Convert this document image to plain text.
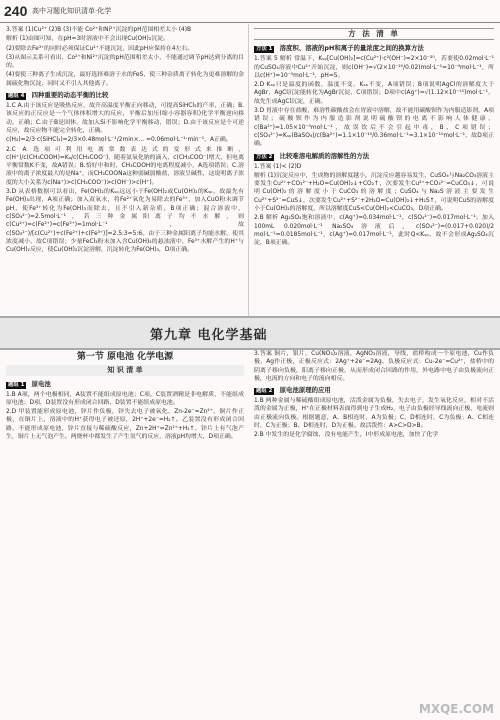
240 高中习题化知识清单·化学

3.答案 (1)Cu²⁺ (2)B (3)不能 Co²⁺和Ni²⁺沉淀的pH范围相差太小 (4)B

解析 (1)由图可知，在pH=3时溶液中不会出现Cu(OH)₂沉淀。

(2)要除去Fe³⁺的同时必须保证Cu²⁺不能沉淀，因此pH应保持在4左右。

(3)从图示关系可看出，Co²⁺和Ni²⁺沉淀的pH范围相差太小，不能通过调节pH达到分离的目的。

(4)要使三种离子生成沉淀，最好选择难溶于水的FeS，使三种杂质离子转化为更难溶解的金属硫化物沉淀，同时又不引入其他离子。

题组 4 四种重要的动态平衡的比较

1.C A.由于该反应是吸热反应，故升高温度平衡正向移动，可提高SiHCl₃的产率，正确；B.该反应的正反应是一个气体体积增大的反应，平衡后加压(缩小容器容积)化学平衡逆向移动，正确；C.由于B是固体，故加入Si不影响化学平衡移动，错误；D.由于该反应是个可逆反应，故反应物不能完全转化，正确。

c(H₂)=2/3·c(SiHCl₃)=2/3×0.48mol·L⁻¹/2min×... =0.06mol·L⁻¹·min⁻¹，A正确。

2.C A 选项可利用电离常数表达式的变形式来推断，c(H⁺)/c(CH₃COOH)=Kₐ/c(CH₃COO⁻)，随着氨氧化钠的滴入，c(CH₃COO⁻)增大，但电离平衡常数K不变，故A错误；B.恰好中和时，CH₃COOH的电离程度减小，A选项错误；C.溶液中的离子浓度最大的是Na⁺，而CH₃COONa这种弱碱弱酸盐，溶液呈碱性，这说明离子浓度的大小关系为c(Na⁺)>c(CH₃COO⁻)>c(OH⁻)>c(H⁺)。

3.D 从表格数据可以看出，Fe(OH)₂的Kₛₚ远远小于Fe(OH)₂或Cu(OH)₂的Kₛₚ，故最先有Fe(OH)₃出现，A项正确；加入双氧水，将Fe²⁺氧化为易除去的Fe³⁺，加入CuO粉末调节pH，使Fe³⁺转化为Fe(OH)₃而除去，且不引入新杂质，B项正确；混合溶液中，c(SO₄²⁻)=2.5mol·L⁻¹，若三种金属阳离子均不水解，则c(Cu²⁺)=c(Fe²⁺)=c(Fe³⁺)=1mol·L⁻¹，故c(SO₄²⁻)/[c(Cu²⁺)+c(Fe²⁺)+c(Fe³⁺)]=2.5:3=5:6。由于三种金属阳离子均能水解，使其浓度减小，故C项错误；少量FeCl₃粉末加入含Cu(OH)₂的悬浊液中，Fe³⁺水解产生的H⁺与Cu(OH)₂反应，使Cu(OH)₂沉淀溶解，沉淀转化为Fe(OH)₃，D项正确。

方 法 清 单
方法 1 溶度积、溶液的pH和离子的量浓度之间的换算方法

1.答案 5 解析 常温下，Kₛₚ[Cu(OH)₂]=c(Cu²⁺)·c²(OH⁻)=2×10⁻²⁰，若要使0.02mol·L⁻¹的CuSO₄溶液中Cu²⁺开始沉淀，则c(OH⁻)=√(2×10⁻²⁰/0.02)mol·L⁻¹=10⁻⁹mol·L⁻¹，所以c(H⁺)=10⁻⁵mol·L⁻¹，pH=5。

2.D Kₛₚ只是温度的函数，温度不变，Kₛₚ不变，A项错误；B项说明AgCl的溶解度大于AgBr，AgCl沉淀能转化为AgBr沉淀，C项错误；D项中c(Ag⁺)=√(1.12×10⁻¹⁰)mol·L⁻¹，故先生成AgCl沉淀，正确。

3.D 胃液中存在盐酸，难溶性碳酸盐会在胃液中溶解，故不能用碳酸钡作为内服造影剂，A项错误；硫酸钡作为内服造影剂说明硫酸钡的电离不影响人体健康，c(Ba²⁺)=1.05×10⁻⁵mol·L⁻¹，故误饮后不会引起中毒，B、C项错误；c(SO₄²⁻)=Kₛₚ(BaSO₄)/c(Ba²⁺)=1.1×10⁻¹⁰/0.36mol·L⁻¹≈3.1×10⁻¹⁰mol·L⁻¹，故D项正确。

方法 2 比较难溶电解质的溶解性的方法

1.答案 (1)< (2)D

解析 (1)沉淀反应中，生成物的溶解度越小，沉淀反应越容易发生，CuSO₄与Na₂CO₃溶液主要发生Cu²⁺+CO₃²⁻+H₂O=Cu(OH)₂↓+CO₂↑，次要发生Cu²⁺+CO₃²⁻=CuCO₃↓，可说明Cu(OH)₂的溶解度小于CuCO₃的溶解度；CuSO₄与Na₂S溶液主要发生Cu²⁺+S²⁻=CuS↓，次要发生Cu²⁺+S²⁻+2H₂O=Cu(OH)₂↓+H₂S↑，可说明CuS的溶解度小于Cu(OH)₂的溶解度，所以溶解度CuS<Cu(OH)₂<CuCO₃，D项正确。

2.B 解析 Ag₂SO₄饱和溶液中，c(Ag⁺)=0.034mol·L⁻¹，c(SO₄²⁻)=0.017mol·L⁻¹；加入100mL 0.020mol·L⁻¹ Na₂SO₄溶液后，c(SO₄²⁻)=(0.017+0.020)/2 mol·L⁻¹=0.0185mol·L⁻¹，c(Ag⁺)=0.017mol·L⁻¹，此时Q<Kₛₚ，故不会形成Ag₂SO₄沉淀，B项正确。

第九章 电化学基础
第一节 原电池 化学电源
知 识 清 单
题组 1 原电池

1.B A项，两个电极相同，A装置不能组成原电池；C项，C装置酒精是非电解质，不能组成原电池；D项，D装置没有形成闭合回路，D装置不能组成原电池。

2.D 甲装置能形成原电池，锌片作负极，锌失去电子被氧化，Zn-2e⁻=Zn²⁺，铜片作正极，在铜片上，溶液中的H⁺获得电子被还原，2H⁺+2e⁻=H₂↑。乙装置没有形成闭合回路，不能形成原电池，锌片直接与稀硫酸反应，Zn+2H⁺=Zn²⁺+H₂↑，锌片上有气泡产生，铜片上无气泡产生。两烧杯中都发生了产生氢气的反应，溶液pH均增大，D项正确。

3.答案 铜片，银片，Cu(NO₃)₂溶液，AgNO₃溶液，导线，盐桥构成一个原电池，Cu作负极，Ag作正极，正极反应式：2Ag⁺+2e⁻=2Ag，负极反应式：Cu-2e⁻=Cu²⁺，盐桥中的阴离子移向负极，阳离子移向正极，从而形成闭合回路的作用，外电路中电子由负极流向正极，电流的方向和电子的流向相反。

题组 2 原电池原理的应用

1.B 两种金属与稀硫酸组成原电池，活泼金属为负极，失去电子，发生氧化反应，相对不活泼的金属为正极，H⁺在正极材料表面得到电子生成H₂，电子由负极经导线流向正极，电流则由正极流向负极。根据题意，A、B相连时，A为负极；C、D相连时，C为负极；A、C相连时，C为正极；B、D相连时，D为正极。故活泼性：A>C>D>B。

2.B 中发生的是化学腐蚀，没有电能产生，Ⅰ中形成原电池，加快了化学

MXQE.COM
